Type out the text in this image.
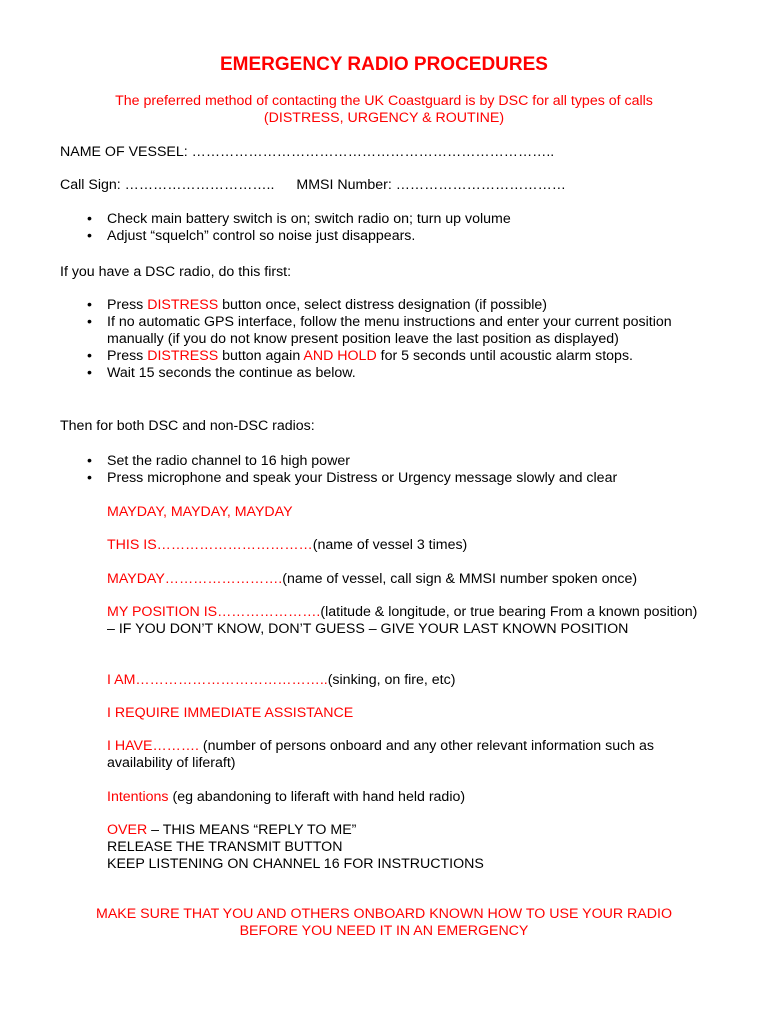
EMERGENCY RADIO PROCEDURES
The preferred method of contacting the UK Coastguard is by DSC for all types of calls
(DISTRESS, URGENCY & ROUTINE)
NAME OF VESSEL: …………………………………………………………………..
Call Sign: ………………………….. MMSI Number: ………………………………
• Check main battery switch is on; switch radio on; turn up volume
• Adjust “squelch” control so noise just disappears.
If you have a DSC radio, do this first:
• Press DISTRESS button once, select distress designation (if possible)
• If no automatic GPS interface, follow the menu instructions and enter your current position manually (if you do not know present position leave the last position as displayed)
• Press DISTRESS button again AND HOLD for 5 seconds until acoustic alarm stops.
• Wait 15 seconds the continue as below.
Then for both DSC and non-DSC radios:
• Set the radio channel to 16 high power
• Press microphone and speak your Distress or Urgency message slowly and clear
MAYDAY, MAYDAY, MAYDAY
THIS IS……………………………(name of vessel 3 times)
MAYDAY…………………….(name of vessel, call sign & MMSI number spoken once)
MY POSITION IS………………….(latitude & longitude, or true bearing From a known position) – IF YOU DON’T KNOW, DON’T GUESS – GIVE YOUR LAST KNOWN POSITION
I AM…………………………………..(sinking, on fire, etc)
I REQUIRE IMMEDIATE ASSISTANCE
I HAVE………. (number of persons onboard and any other relevant information such as availability of liferaft)
Intentions (eg abandoning to liferaft with hand held radio)
OVER – THIS MEANS “REPLY TO ME”
RELEASE THE TRANSMIT BUTTON
KEEP LISTENING ON CHANNEL 16 FOR INSTRUCTIONS
MAKE SURE THAT YOU AND OTHERS ONBOARD KNOWN HOW TO USE YOUR RADIO
BEFORE YOU NEED IT IN AN EMERGENCY
